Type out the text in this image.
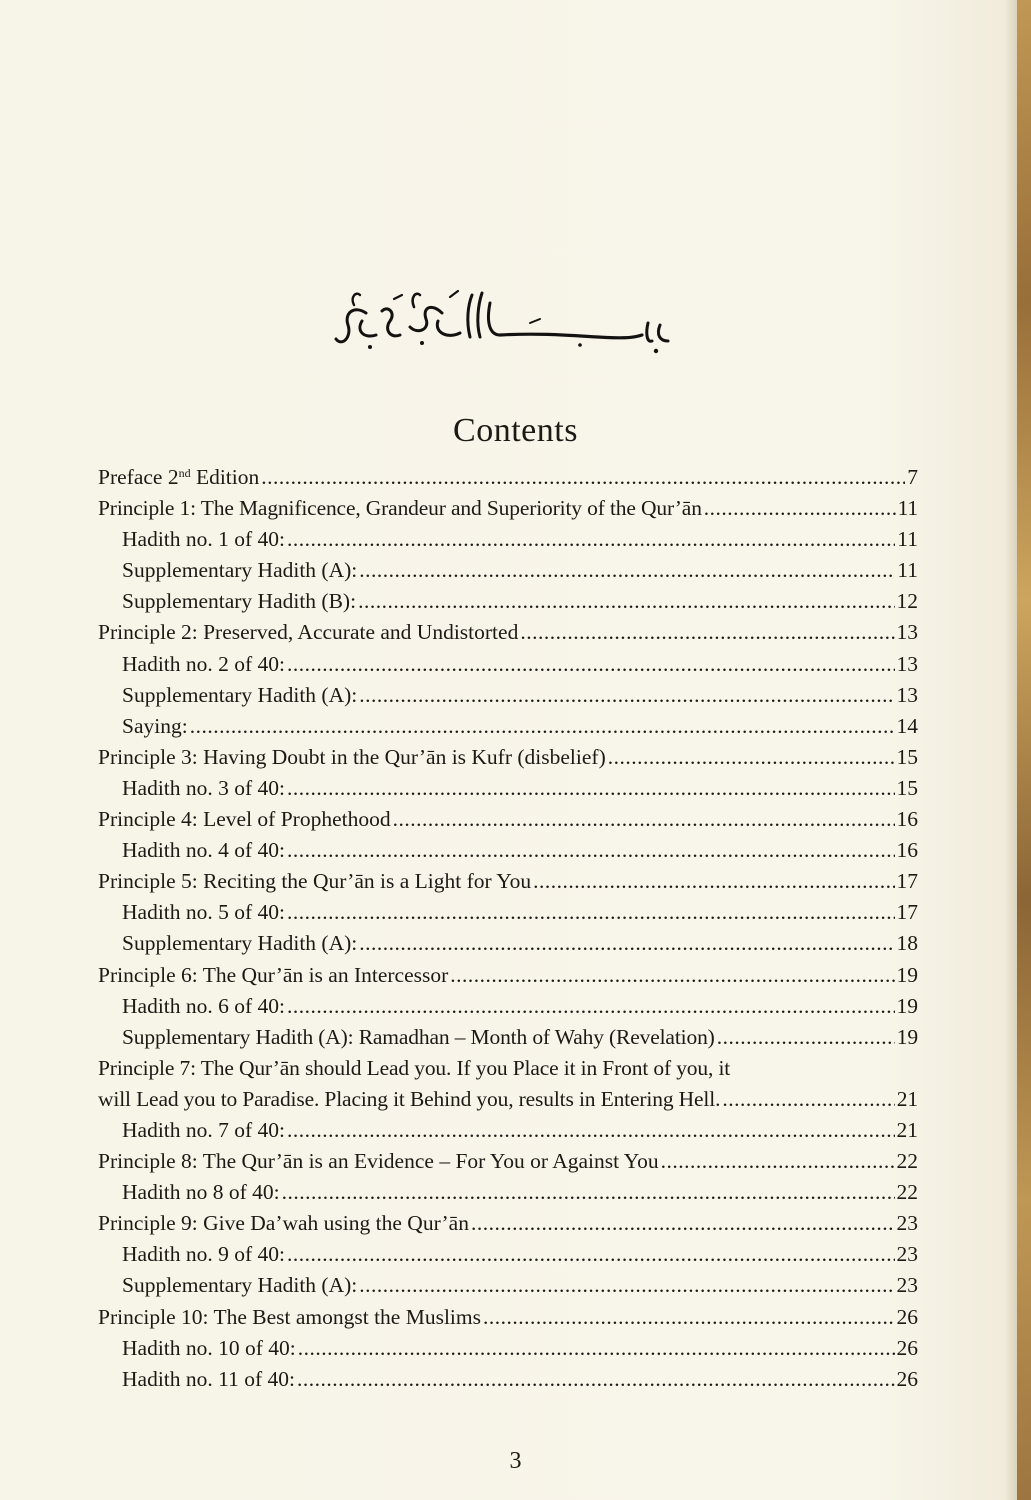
Contents
Preface 2nd Edition .....	7
Principle 1: The Magnificence, Grandeur and Superiority of the Qur’ān .....	11
Hadith no. 1 of 40: .....	11
Supplementary Hadith (A): .....	11
Supplementary Hadith (B): .....	12
Principle 2: Preserved, Accurate and Undistorted .....	13
Hadith no. 2 of 40: .....	13
Supplementary Hadith (A): .....	13
Saying: .....	14
Principle 3: Having Doubt in the Qur’ān is Kufr (disbelief) .....	15
Hadith no. 3 of 40: .....	15
Principle 4: Level of Prophethood .....	16
Hadith no. 4 of 40: .....	16
Principle 5: Reciting the Qur’ān is a Light for You .....	17
Hadith no. 5 of 40: .....	17
Supplementary Hadith (A): .....	18
Principle 6: The Qur’ān is an Intercessor .....	19
Hadith no. 6 of 40: .....	19
Supplementary Hadith (A): Ramadhan – Month of Wahy (Revelation) .....	19
Principle 7: The Qur’ān should Lead you. If you Place it in Front of you, it
will Lead you to Paradise. Placing it Behind you, results in Entering Hell. .....	21
Hadith no. 7 of 40: .....	21
Principle 8: The Qur’ān is an Evidence – For You or Against You .....	22
Hadith no 8 of 40: .....	22
Principle 9: Give Da’wah using the Qur’ān .....	23
Hadith no. 9 of 40: .....	23
Supplementary Hadith (A): .....	23
Principle 10: The Best amongst the Muslims .....	26
Hadith no. 10 of 40: .....	26
Hadith no. 11 of 40: .....	26
3
